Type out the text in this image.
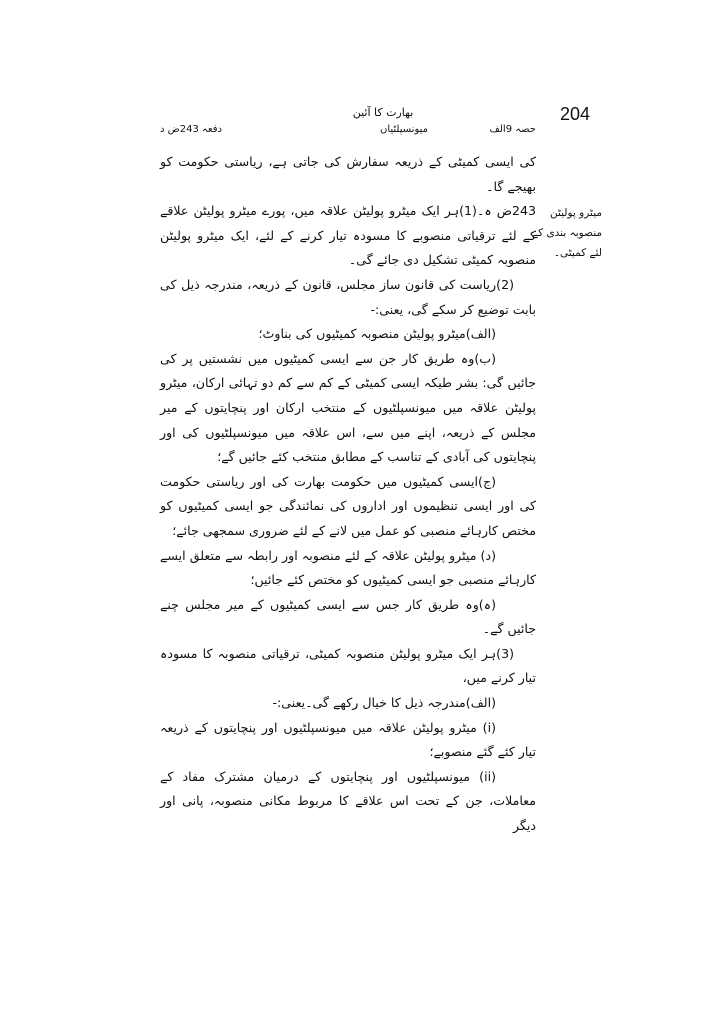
204
بھارت کا آئین
حصہ 9الف
میونسپلٹیاں
دفعہ 243ض د
میٹرو پولیٹن منصوبہ بندی کے لئے کمیٹی۔

کی ایسی کمیٹی کے ذریعہ سفارش کی جاتی ہے، ریاستی حکومت کو بھیجے گا۔

243ض ہ۔(1)ہر ایک میٹرو پولیٹن علاقہ میں، پورے میٹرو پولیٹن علاقے کے لئے ترقیاتی منصوبے کا مسودہ تیار کرنے کے لئے، ایک میٹرو پولیٹن منصوبہ کمیٹی تشکیل دی جائے گی۔

(2)ریاست کی قانون ساز مجلس، قانون کے ذریعہ، مندرجہ ذیل کی بابت توضیع کر سکے گی، یعنی:-

(الف)میٹرو پولیٹن منصوبہ کمیٹیوں کی بناوٹ؛

(ب)وہ طریق کار جن سے ایسی کمیٹیوں میں نشستیں پر کی جائیں گی: بشر طیکہ ایسی کمیٹی کے کم سے کم دو تہائی ارکان، میٹرو پولیٹن علاقہ میں میونسپلٹیوں کے منتخب ارکان اور پنچایتوں کے میر مجلس کے ذریعہ، اپنے میں سے، اس علاقہ میں میونسپلٹیوں کی اور پنچایتوں کی آبادی کے تناسب کے مطابق منتخب کئے جائیں گے؛

(ج)ایسی کمیٹیوں میں حکومت بھارت کی اور ریاستی حکومت کی اور ایسی تنظیموں اور اداروں کی نمائندگی جو ایسی کمیٹیوں کو مختص کارہائے منصبی کو عمل میں لانے کے لئے ضروری سمجھی جائے؛

(د) میٹرو پولیٹن علاقہ کے لئے منصوبہ اور رابطہ سے متعلق ایسے کارہائے منصبی جو ایسی کمیٹیوں کو مختص کئے جائیں؛

(ہ)وہ طریق کار جس سے ایسی کمیٹیوں کے میر مجلس چنے جائیں گے۔

(3)ہر ایک میٹرو پولیٹن منصوبہ کمیٹی، ترقیاتی منصوبہ کا مسودہ تیار کرنے میں،

(الف)مندرجہ ذیل کا خیال رکھے گی۔یعنی:-

(i) میٹرو پولیٹن علاقہ میں میونسپلٹیوں اور پنچایتوں کے ذریعہ تیار کئے گئے منصوبے؛

(ii) میونسپلٹیوں اور پنچایتوں کے درمیان مشترک مفاد کے معاملات، جن کے تحت اس علاقے کا مربوط مکانی منصوبہ، پانی اور دیگر
